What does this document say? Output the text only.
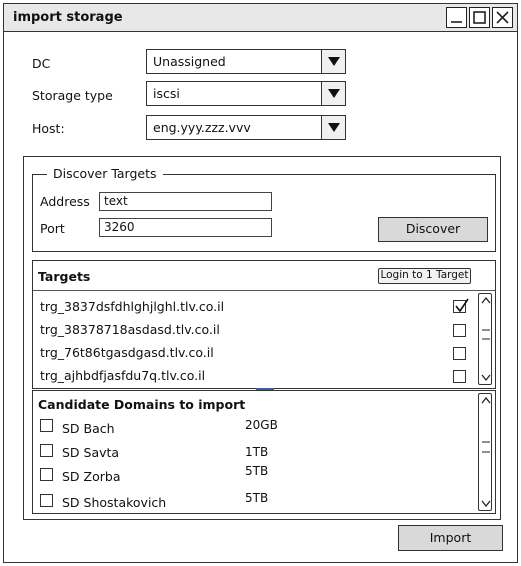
import storage
DC	Unassigned
Storage type	iscsi
Host:	eng.yyy.zzz.vvv
Discover Targets
Address	text
Port	3260	Discover
Targets	Login to 1 Target
trg_3837dsfdhlghjlghl.tlv.co.il
trg_38378718asdasd.tlv.co.il
trg_76t86tgasdgasd.tlv.co.il
trg_ajhbdfjasfdu7q.tlv.co.il
Candidate Domains to import
SD Bach	20GB
SD Savta	1TB
SD Zorba	5TB
SD Shostakovich	5TB
Import
